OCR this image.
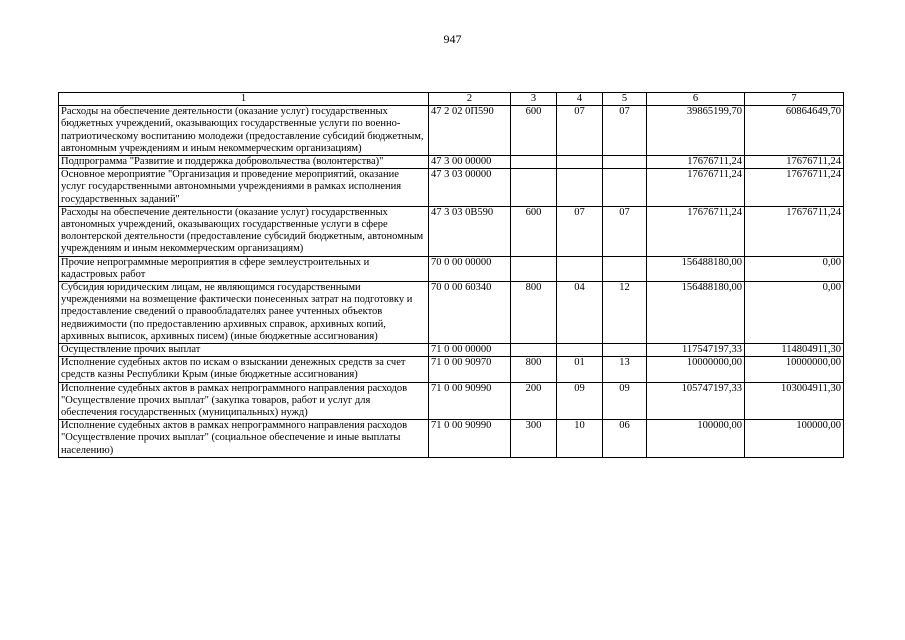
947
1	2	3	4	5	6	7
Расходы на обеспечение деятельности (оказание услуг) государственных бюджетных учреждений, оказывающих государственные услуги по военно-патриотическому воспитанию молодежи (предоставление субсидий бюджетным, автономным учреждениям и иным некоммерческим организациям)	47 2 02 0П590	600	07	07	39865199,70	60864649,70
Подпрограмма "Развитие и поддержка добровольчества (волонтерства)"	47 3 00 00000				17676711,24	17676711,24
Основное мероприятие "Организация и проведение мероприятий, оказание услуг государственными автономными учреждениями в рамках исполнения государственных заданий"	47 3 03 00000				17676711,24	17676711,24
Расходы на обеспечение деятельности (оказание услуг) государственных автономных учреждений, оказывающих государственные услуги в сфере волонтерской деятельности (предоставление субсидий бюджетным, автономным учреждениям и иным некоммерческим организациям)	47 3 03 0В590	600	07	07	17676711,24	17676711,24
Прочие непрограммные мероприятия в сфере землеустроительных и кадастровых работ	70 0 00 00000				156488180,00	0,00
Субсидия юридическим лицам, не являющимся государственными учреждениями на возмещение фактически понесенных затрат на подготовку и предоставление сведений о правообладателях ранее учтенных объектов недвижимости (по предоставлению архивных справок, архивных копий, архивных выписок, архивных писем) (иные бюджетные ассигнования)	70 0 00 60340	800	04	12	156488180,00	0,00
Осуществление прочих выплат	71 0 00 00000				117547197,33	114804911,30
Исполнение судебных актов по искам о взыскании денежных средств за счет средств казны Республики Крым (иные бюджетные ассигнования)	71 0 00 90970	800	01	13	10000000,00	10000000,00
Исполнение судебных актов в рамках непрограммного направления расходов "Осуществление прочих выплат" (закупка товаров, работ и услуг для обеспечения государственных (муниципальных) нужд)	71 0 00 90990	200	09	09	105747197,33	103004911,30
Исполнение судебных актов в рамках непрограммного направления расходов "Осуществление прочих выплат" (социальное обеспечение и иные выплаты населению)	71 0 00 90990	300	10	06	100000,00	100000,00
